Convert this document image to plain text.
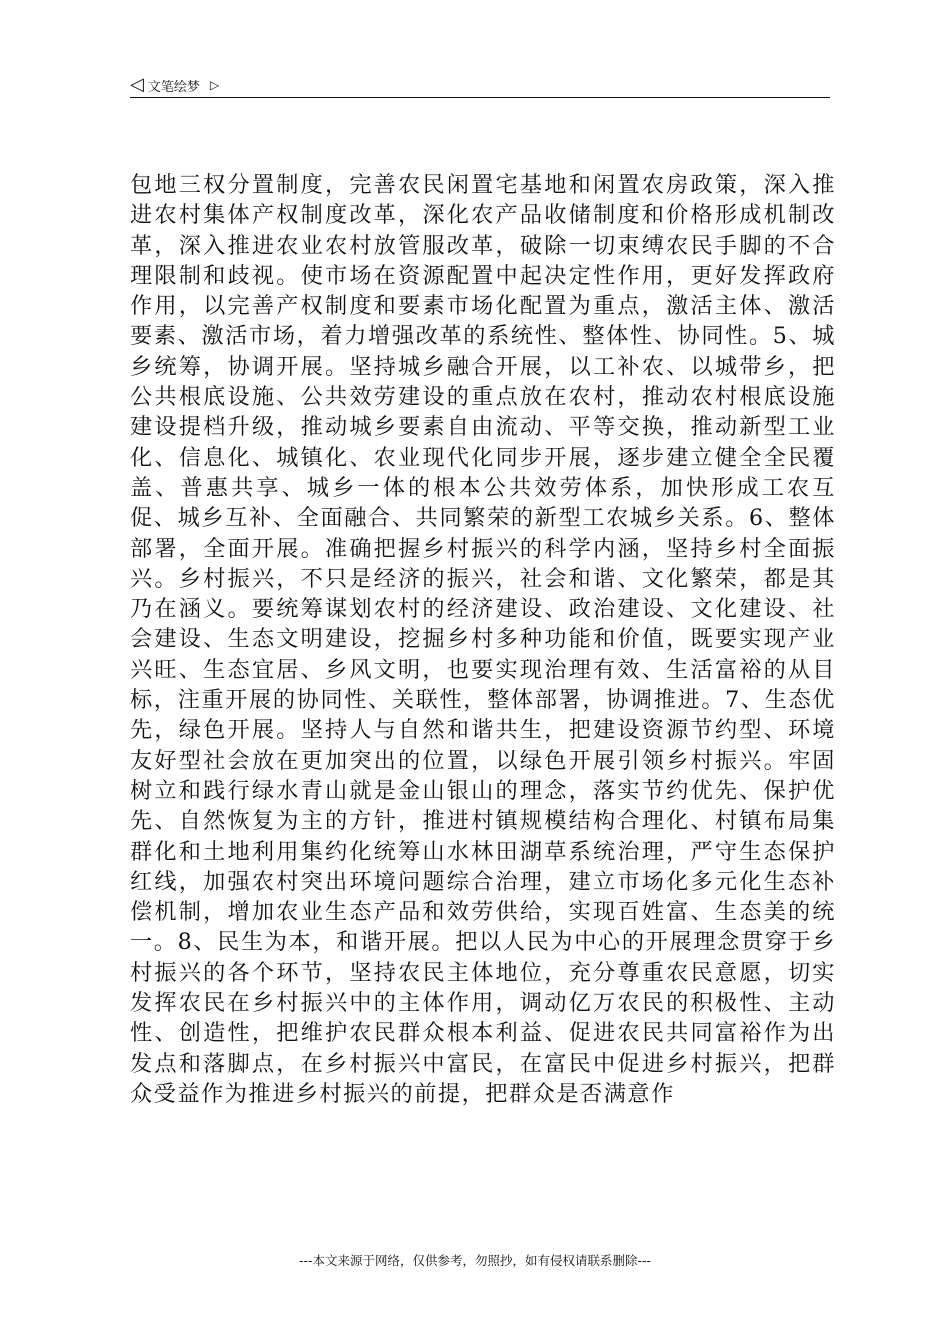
◁ 文笔绘梦 ▷

包地三权分置制度，完善农民闲置宅基地和闲置农房政策，深入推进农村集体产权制度改革，深化农产品收储制度和价格形成机制改革，深入推进农业农村放管服改革，破除一切束缚农民手脚的不合理限制和歧视。使市场在资源配置中起决定性作用，更好发挥政府作用，以完善产权制度和要素市场化配置为重点，激活主体、激活要素、激活市场，着力增强改革的系统性、整体性、协同性。5、城乡统筹，协调开展。坚持城乡融合开展，以工补农、以城带乡，把公共根底设施、公共效劳建设的重点放在农村，推动农村根底设施建设提档升级，推动城乡要素自由流动、平等交换，推动新型工业化、信息化、城镇化、农业现代化同步开展，逐步建立健全全民覆盖、普惠共享、城乡一体的根本公共效劳体系，加快形成工农互促、城乡互补、全面融合、共同繁荣的新型工农城乡关系。6、整体部署，全面开展。准确把握乡村振兴的科学内涵，坚持乡村全面振兴。乡村振兴，不只是经济的振兴，社会和谐、文化繁荣，都是其乃在涵义。要统筹谋划农村的经济建设、政治建设、文化建设、社会建设、生态文明建设，挖掘乡村多种功能和价值，既要实现产业兴旺、生态宜居、乡风文明，也要实现治理有效、生活富裕的从目标，注重开展的协同性、关联性，整体部署，协调推进。7、生态优先，绿色开展。坚持人与自然和谐共生，把建设资源节约型、环境友好型社会放在更加突出的位置，以绿色开展引领乡村振兴。牢固树立和践行绿水青山就是金山银山的理念，落实节约优先、保护优先、自然恢复为主的方针，推进村镇规模结构合理化、村镇布局集群化和土地利用集约化统筹山水林田湖草系统治理，严守生态保护红线，加强农村突出环境问题综合治理，建立市场化多元化生态补偿机制，增加农业生态产品和效劳供给，实现百姓富、生态美的统一。8、民生为本，和谐开展。把以人民为中心的开展理念贯穿于乡村振兴的各个环节，坚持农民主体地位，充分尊重农民意愿，切实发挥农民在乡村振兴中的主体作用，调动亿万农民的积极性、主动性、创造性，把维护农民群众根本利益、促进农民共同富裕作为出发点和落脚点，在乡村振兴中富民，在富民中促进乡村振兴，把群众受益作为推进乡村振兴的前提，把群众是否满意作

---本文来源于网络，仅供参考，勿照抄，如有侵权请联系删除---
